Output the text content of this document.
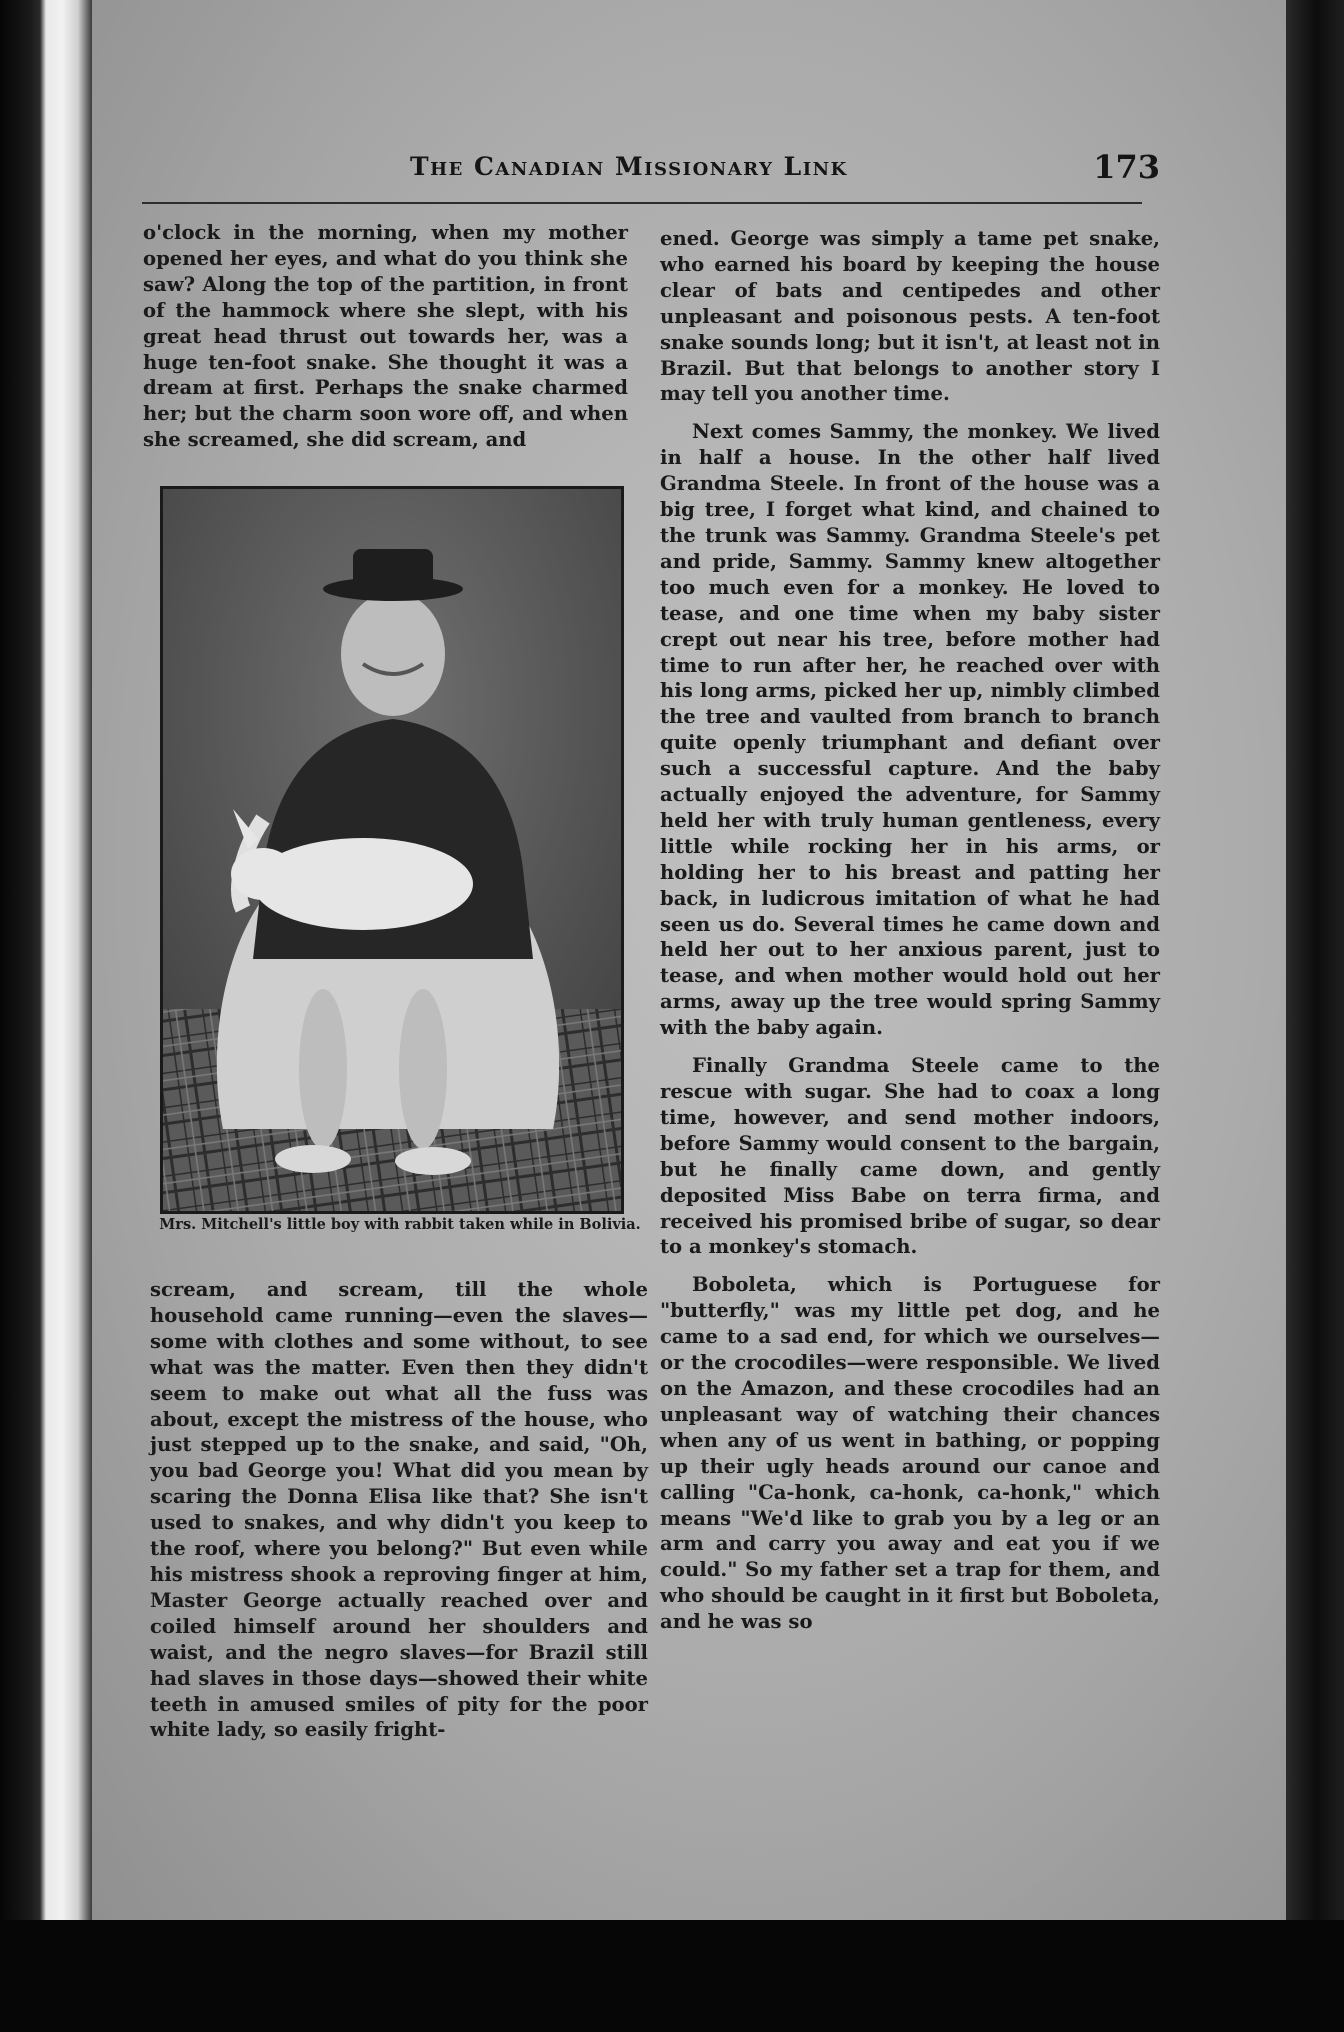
The Canadian Missionary Link	173

o'clock in the morning, when my mother opened her eyes, and what do you think she saw? Along the top of the partition, in front of the hammock where she slept, with his great head thrust out towards her, was a huge ten-foot snake. She thought it was a dream at first. Perhaps the snake charmed her; but the charm soon wore off, and when she screamed, she did scream, and

Mrs. Mitchell's little boy with rabbit taken while in Bolivia.

scream, and scream, till the whole household came running—even the slaves—some with clothes and some without, to see what was the matter. Even then they didn't seem to make out what all the fuss was about, except the mistress of the house, who just stepped up to the snake, and said, "Oh, you bad George you! What did you mean by scaring the Donna Elisa like that? She isn't used to snakes, and why didn't you keep to the roof, where you belong?" But even while his mistress shook a reproving finger at him, Master George actually reached over and coiled himself around her shoulders and waist, and the negro slaves—for Brazil still had slaves in those days—showed their white teeth in amused smiles of pity for the poor white lady, so easily fright-

ened. George was simply a tame pet snake, who earned his board by keeping the house clear of bats and centipedes and other unpleasant and poisonous pests. A ten-foot snake sounds long; but it isn't, at least not in Brazil. But that belongs to another story I may tell you another time.

Next comes Sammy, the monkey. We lived in half a house. In the other half lived Grandma Steele. In front of the house was a big tree, I forget what kind, and chained to the trunk was Sammy. Grandma Steele's pet and pride, Sammy. Sammy knew altogether too much even for a monkey. He loved to tease, and one time when my baby sister crept out near his tree, before mother had time to run after her, he reached over with his long arms, picked her up, nimbly climbed the tree and vaulted from branch to branch quite openly triumphant and defiant over such a successful capture. And the baby actually enjoyed the adventure, for Sammy held her with truly human gentleness, every little while rocking her in his arms, or holding her to his breast and patting her back, in ludicrous imitation of what he had seen us do. Several times he came down and held her out to her anxious parent, just to tease, and when mother would hold out her arms, away up the tree would spring Sammy with the baby again.

Finally Grandma Steele came to the rescue with sugar. She had to coax a long time, however, and send mother indoors, before Sammy would consent to the bargain, but he finally came down, and gently deposited Miss Babe on terra firma, and received his promised bribe of sugar, so dear to a monkey's stomach.

Boboleta, which is Portuguese for "butterfly," was my little pet dog, and he came to a sad end, for which we ourselves—or the crocodiles—were responsible. We lived on the Amazon, and these crocodiles had an unpleasant way of watching their chances when any of us went in bathing, or popping up their ugly heads around our canoe and calling "Ca-honk, ca-honk, ca-honk," which means "We'd like to grab you by a leg or an arm and carry you away and eat you if we could." So my father set a trap for them, and who should be caught in it first but Boboleta, and he was so
